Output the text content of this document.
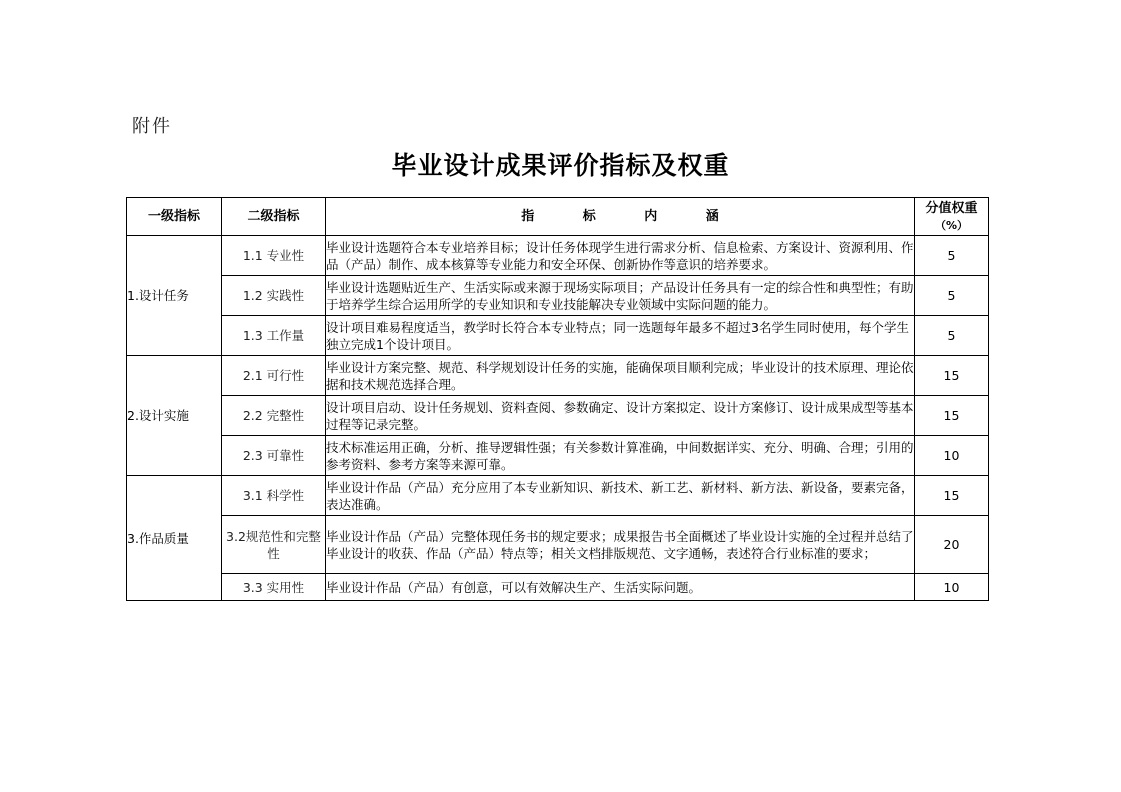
附件
毕业设计成果评价指标及权重
一级指标	二级指标	指 标 内 涵	分值权重
（%）

1.设计任务	1.1 专业性	毕业设计选题符合本专业培养目标；设计任务体现学生进行需求分析、信息检索、方案设计、资源利用、作品（产品）制作、成本核算等专业能力和安全环保、创新协作等意识的培养要求。	5
	1.2 实践性	毕业设计选题贴近生产、生活实际或来源于现场实际项目；产品设计任务具有一定的综合性和典型性；有助于培养学生综合运用所学的专业知识和专业技能解决专业领域中实际问题的能力。	5
	1.3 工作量	设计项目难易程度适当，教学时长符合本专业特点；同一选题每年最多不超过3名学生同时使用，每个学生独立完成1个设计项目。	5
2.设计实施	2.1 可行性	毕业设计方案完整、规范、科学规划设计任务的实施，能确保项目顺利完成；毕业设计的技术原理、理论依据和技术规范选择合理。	15
	2.2 完整性	设计项目启动、设计任务规划、资料查阅、参数确定、设计方案拟定、设计方案修订、设计成果成型等基本过程等记录完整。	15
	2.3 可靠性	技术标准运用正确，分析、推导逻辑性强；有关参数计算准确，中间数据详实、充分、明确、合理；引用的参考资料、参考方案等来源可靠。	10
3.作品质量	3.1 科学性	毕业设计作品（产品）充分应用了本专业新知识、新技术、新工艺、新材料、新方法、新设备，要素完备，表达准确。	15
	3.2规范性和完整性	毕业设计作品（产品）完整体现任务书的规定要求；成果报告书全面概述了毕业设计实施的全过程并总结了毕业设计的收获、作品（产品）特点等；相关文档排版规范、文字通畅，表述符合行业标准的要求；	20
	3.3 实用性	毕业设计作品（产品）有创意，可以有效解决生产、生活实际问题。	10
